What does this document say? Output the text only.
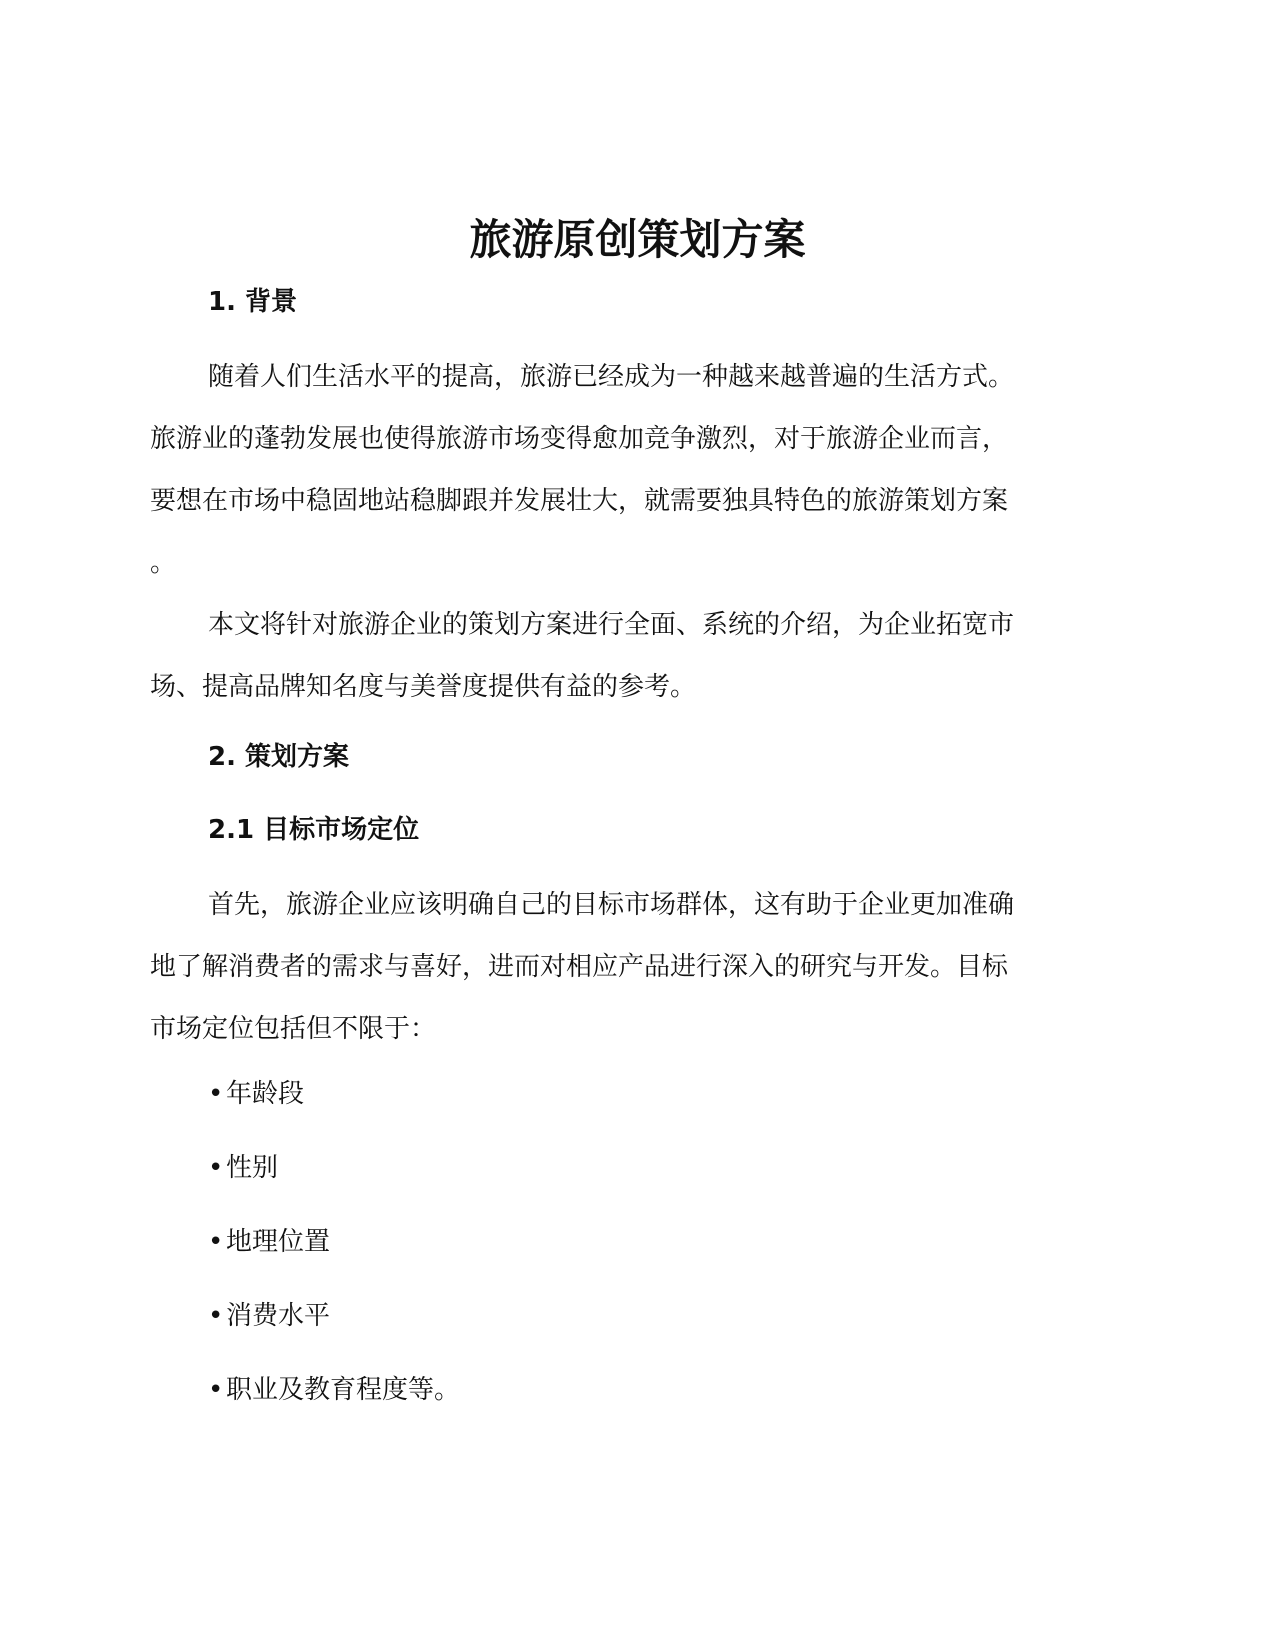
旅游原创策划方案
1. 背景

随着人们生活水平的提高，旅游已经成为一种越来越普遍的生活方式。
旅游业的蓬勃发展也使得旅游市场变得愈加竞争激烈，对于旅游企业而言，
要想在市场中稳固地站稳脚跟并发展壮大，就需要独具特色的旅游策划方案
。

本文将针对旅游企业的策划方案进行全面、系统的介绍，为企业拓宽市
场、提高品牌知名度与美誉度提供有益的参考。

2. 策划方案
2.1 目标市场定位

首先，旅游企业应该明确自己的目标市场群体，这有助于企业更加准确
地了解消费者的需求与喜好，进而对相应产品进行深入的研究与开发。目标
市场定位包括但不限于：

• 年龄段

• 性别

• 地理位置

• 消费水平

• 职业及教育程度等。
